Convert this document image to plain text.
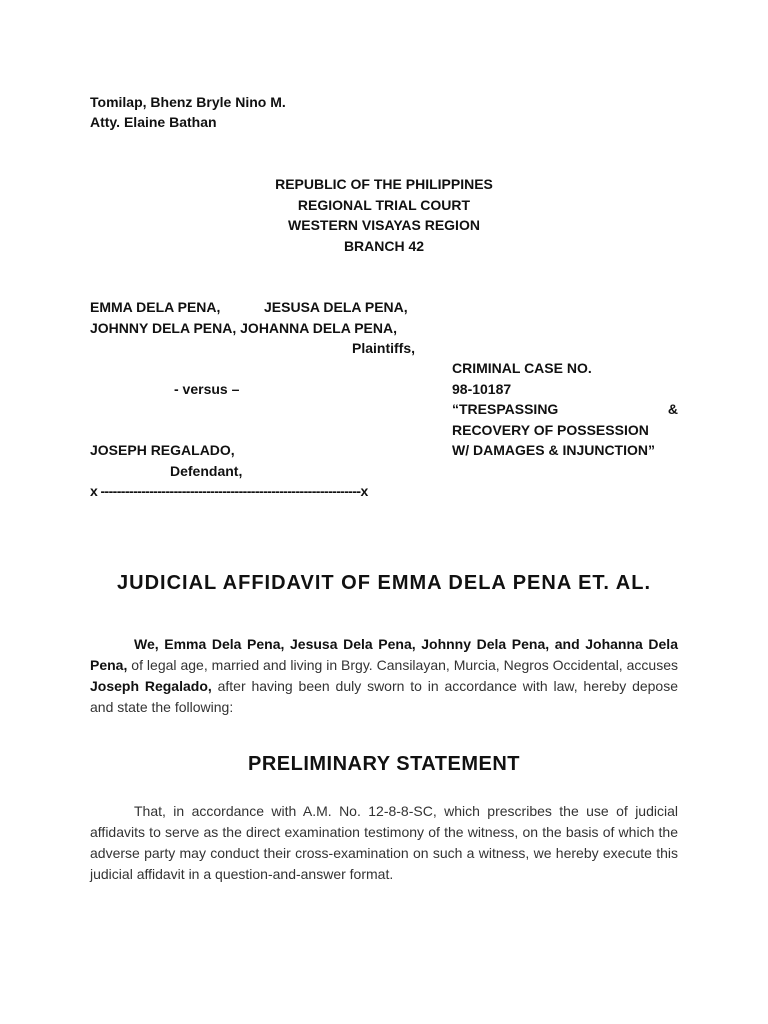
Tomilap, Bhenz Bryle Nino M.
Atty. Elaine Bathan
REPUBLIC OF THE PHILIPPINES
REGIONAL TRIAL COURT
WESTERN VISAYAS REGION
BRANCH 42
EMMA DELA PENA,	JESUSA DELA PENA,
JOHNNY DELA PENA, JOHANNA DELA PENA,
Plaintiffs,
- versus –
JOSEPH REGALADO,
Defendant,
x ----------------------------------------------------------------x
CRIMINAL CASE NO.
98-10187
“TRESPASSING	&
RECOVERY OF POSSESSION
W/ DAMAGES & INJUNCTION”
JUDICIAL AFFIDAVIT OF EMMA DELA PENA ET. AL.
We, Emma Dela Pena, Jesusa Dela Pena, Johnny Dela Pena, and Johanna Dela Pena, of legal age, married and living in Brgy. Cansilayan, Murcia, Negros Occidental, accuses Joseph Regalado, after having been duly sworn to in accordance with law, hereby depose and state the following:
PRELIMINARY STATEMENT
That, in accordance with A.M. No. 12-8-8-SC, which prescribes the use of judicial affidavits to serve as the direct examination testimony of the witness, on the basis of which the adverse party may conduct their cross-examination on such a witness, we hereby execute this judicial affidavit in a question-and-answer format.
